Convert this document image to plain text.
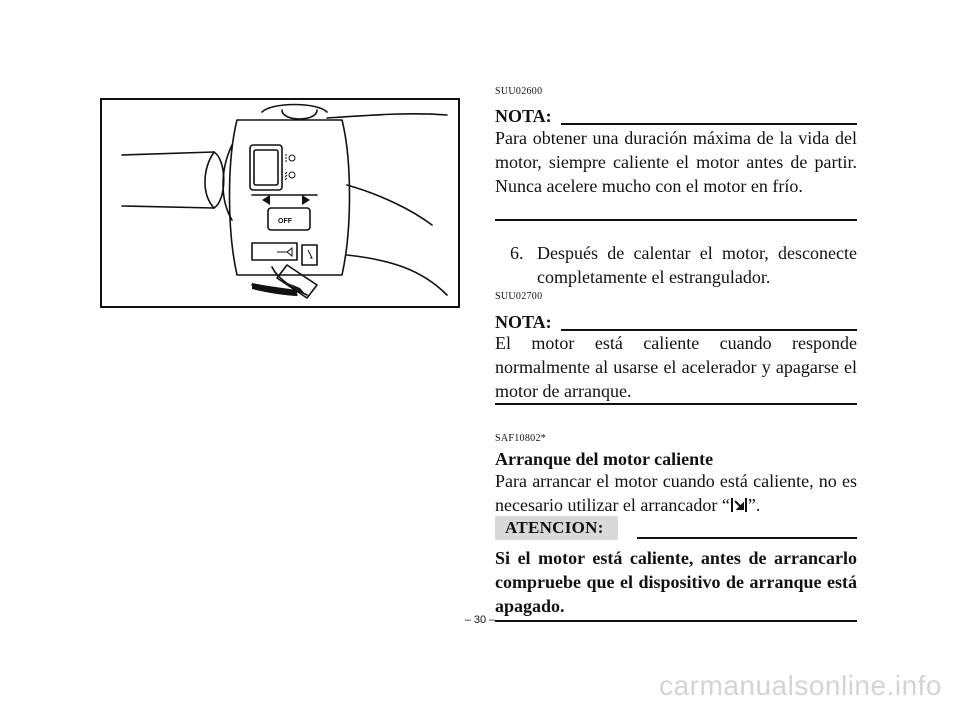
OFF
SUU02600
NOTA:
Para obtener una duración máxima de la vida del motor, siempre caliente el motor antes de partir. Nunca acelere mucho con el motor en frío.
6. Después de calentar el motor, desconecte completamente el estrangulador.
SUU02700
NOTA:
El motor está caliente cuando responde normalmente al usarse el acelerador y apagarse el motor de arranque.
SAF10802*
Arranque del motor caliente
Para arrancar el motor cuando está caliente, no es necesario utilizar el arrancador “ ”.
ATENCION:
Si el motor está caliente, antes de arrancarlo compruebe que el dispositivo de arranque está apagado.
– 30 –
carmanualsonline.info
